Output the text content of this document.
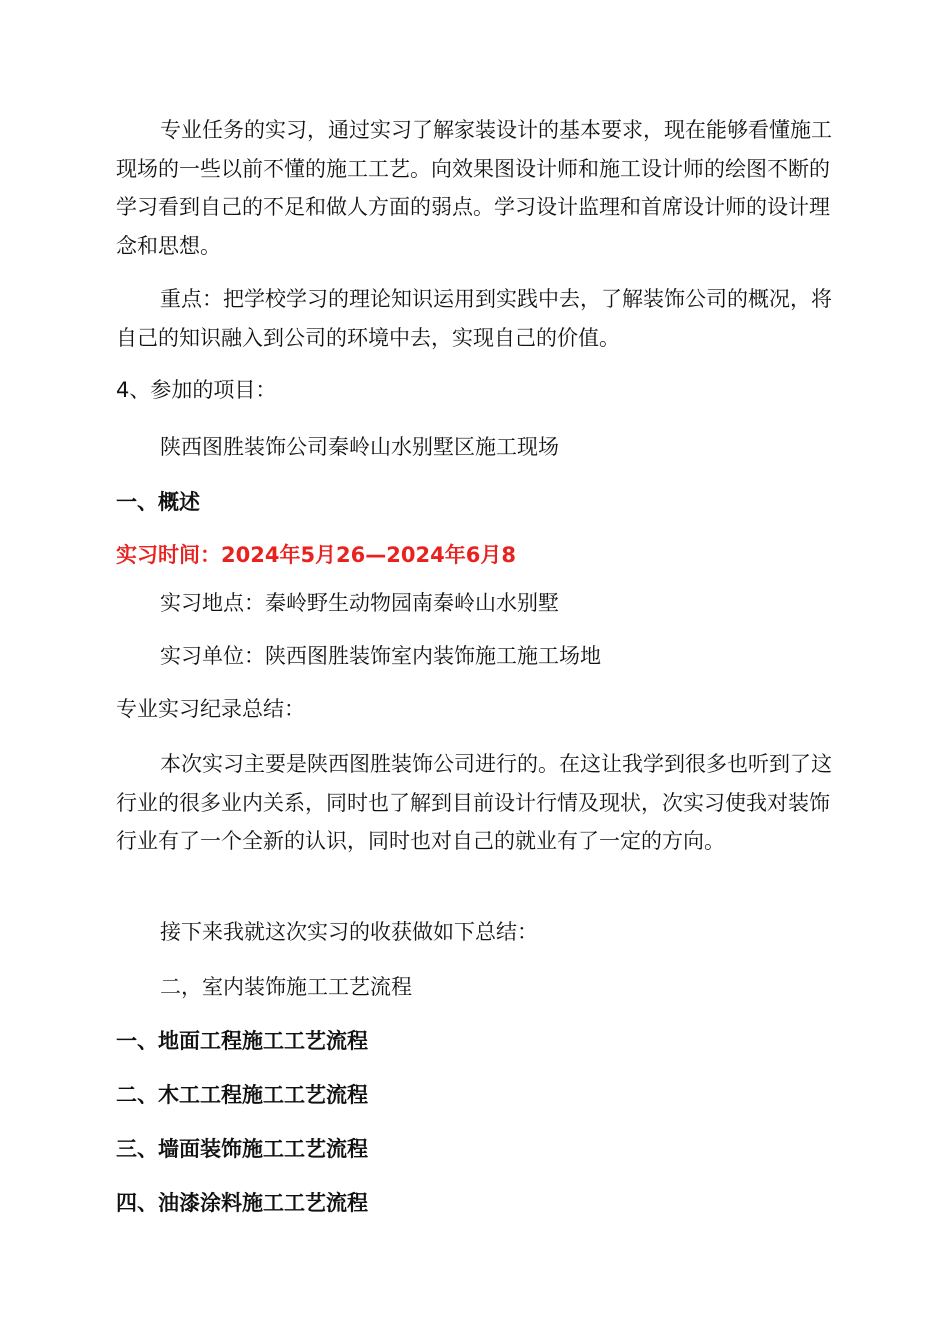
专业任务的实习，通过实习了解家装设计的基本要求，现在能够看懂施工现场的一些以前不懂的施工工艺。向效果图设计师和施工设计师的绘图不断的学习看到自己的不足和做人方面的弱点。学习设计监理和首席设计师的设计理念和思想。

重点：把学校学习的理论知识运用到实践中去，了解装饰公司的概况，将自己的知识融入到公司的环境中去，实现自己的价值。

4、参加的项目：

陕西图胜装饰公司秦岭山水别墅区施工现场

一、概述

实习时间：2024年5月26—2024年6月8

实习地点：秦岭野生动物园南秦岭山水别墅

实习单位：陕西图胜装饰室内装饰施工施工场地

专业实习纪录总结：

本次实习主要是陕西图胜装饰公司进行的。在这让我学到很多也听到了这行业的很多业内关系，同时也了解到目前设计行情及现状，次实习使我对装饰行业有了一个全新的认识，同时也对自己的就业有了一定的方向。

接下来我就这次实习的收获做如下总结：

二，室内装饰施工工艺流程

一、地面工程施工工艺流程

二、木工工程施工工艺流程

三、墙面装饰施工工艺流程

四、油漆涂料施工工艺流程
